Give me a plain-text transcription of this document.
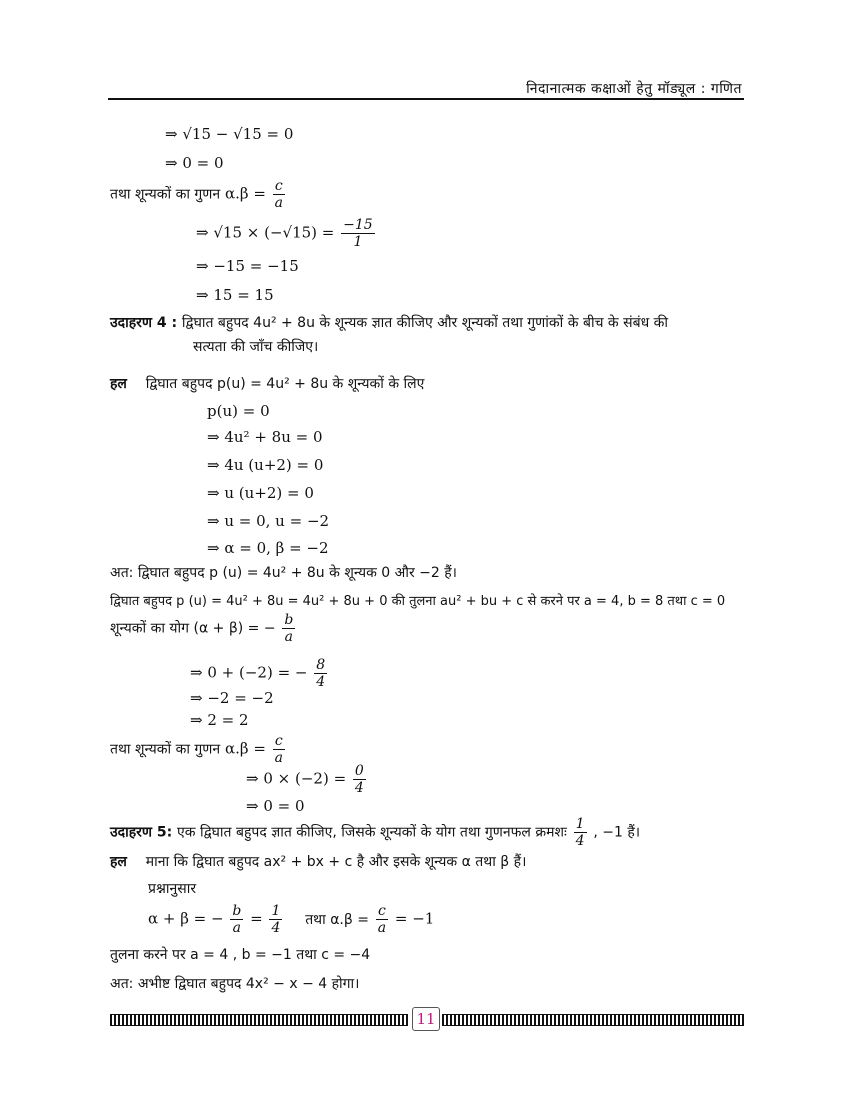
निदानात्मक कक्षाओं हेतु मॉड्यूल : गणित
⇒ √15 − √15 = 0
⇒ 0 = 0
तथा शून्यकों का गुणन $\alpha.\beta = \frac{c}{a}$
⇒ $√15 \times (-√15) = \frac{-15}{1}$
⇒ −15 = −15
⇒ 15 = 15
उदाहरण 4 : द्विघात बहुपद 4u² + 8u के शून्यक ज्ञात कीजिए और शून्यकों तथा गुणांकों के बीच के संबंध की
सत्यता की जाँच कीजिए।
हल द्विघात बहुपद p(u) = 4u² + 8u के शून्यकों के लिए
p(u) = 0
⇒ 4u² + 8u = 0
⇒ 4u (u+2) = 0
⇒ u (u+2) = 0
⇒ u = 0, u = −2
⇒ α = 0, β = −2
अत: द्विघात बहुपद p (u) = 4u² + 8u के शून्यक 0 और −2 हैं।
द्विघात बहुपद p (u) = 4u² + 8u = 4u² + 8u + 0 की तुलना au² + bu + c से करने पर a = 4, b = 8 तथा c = 0
शून्यकों का योग (α + β) = − $\frac{b}{a}$
⇒ 0 + (−2) = − $\frac{8}{4}$
⇒ −2 = −2
⇒ 2 = 2
तथा शून्यकों का गुणन $\alpha.\beta = \frac{c}{a}$
⇒ $0 \times (-2) = \frac{0}{4}$
⇒ 0 = 0
उदाहरण 5: एक द्विघात बहुपद ज्ञात कीजिए, जिसके शून्यकों के योग तथा गुणनफल क्रमशः $\frac{1}{4}$ , −1 हैं।
हल माना कि द्विघात बहुपद ax² + bx + c है और इसके शून्यक α तथा β हैं।
प्रश्नानुसार
α + β = − $\frac{b}{a} = \frac{1}{4}$ तथा $\alpha.\beta = \frac{c}{a} = -1$
तुलना करने पर a = 4 , b = −1 तथा c = −4
अत: अभीष्ट द्विघात बहुपद 4x² − x − 4 होगा।
11
